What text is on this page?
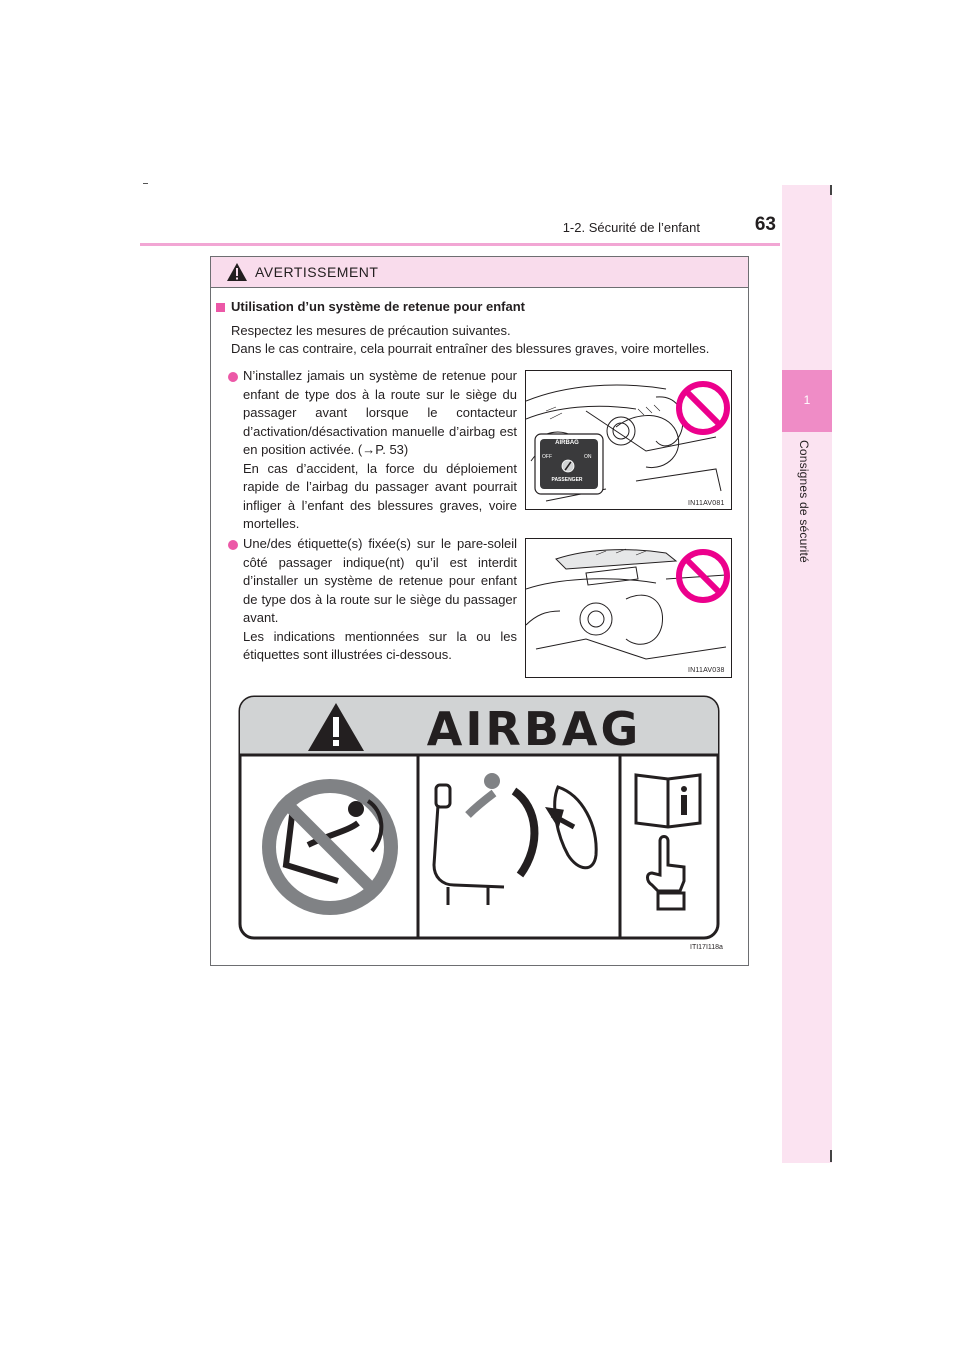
1-2. Sécurité de l’enfant	63
1
Consignes de sécurité
AVERTISSEMENT
Utilisation d’un système de retenue pour enfant
Respectez les mesures de précaution suivantes.
Dans le cas contraire, cela pourrait entraîner des blessures graves, voire mortelles.
N’installez jamais un système de retenue pour enfant de type dos à la route sur le siège du passager avant lorsque le contacteur d’activation/désactivation manuelle d’airbag est en position activée. (→P. 53)
En cas d’accident, la force du déploiement rapide de l’airbag du passager avant pourrait infliger à l’enfant des blessures graves, voire mortelles.
Une/des étiquette(s) fixée(s) sur le pare-soleil côté passager indique(nt) qu’il est interdit d’installer un système de retenue pour enfant de type dos à la route sur le siège du passager avant.
Les indications mentionnées sur la ou les étiquettes sont illustrées ci-dessous.
AIRBAG
OFF	ON
PASSENGER
IN11AV081
IN11AV038
AIRBAG
ITI17I118a
